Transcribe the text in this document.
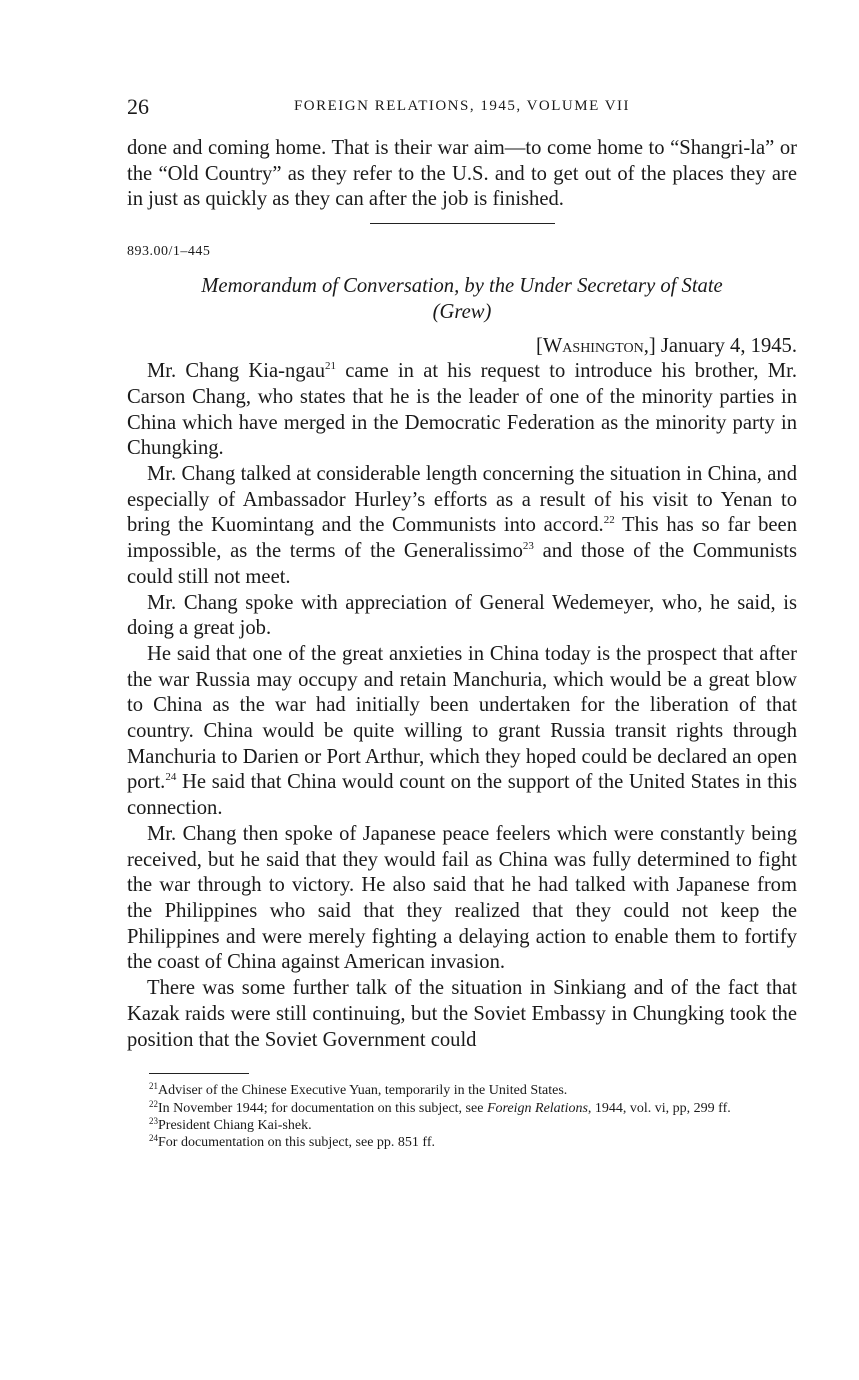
26	FOREIGN RELATIONS, 1945, VOLUME VII

done and coming home. That is their war aim—to come home to “Shangri-la” or the “Old Country” as they refer to the U.S. and to get out of the places they are in just as quickly as they can after the job is finished.

893.00/1–445
Memorandum of Conversation, by the Under Secretary of State
(Grew)
[Washington,] January 4, 1945.

Mr. Chang Kia-ngau$^{21}$ came in at his request to introduce his brother, Mr. Carson Chang, who states that he is the leader of one of the minority parties in China which have merged in the Democratic Federation as the minority party in Chungking.

Mr. Chang talked at considerable length concerning the situation in China, and especially of Ambassador Hurley’s efforts as a result of his visit to Yenan to bring the Kuomintang and the Communists into accord.$^{22}$ This has so far been impossible, as the terms of the Generalissimo$^{23}$ and those of the Communists could still not meet.

Mr. Chang spoke with appreciation of General Wedemeyer, who, he said, is doing a great job.

He said that one of the great anxieties in China today is the prospect that after the war Russia may occupy and retain Manchuria, which would be a great blow to China as the war had initially been undertaken for the liberation of that country. China would be quite willing to grant Russia transit rights through Manchuria to Darien or Port Arthur, which they hoped could be declared an open port.$^{24}$ He said that China would count on the support of the United States in this connection.

Mr. Chang then spoke of Japanese peace feelers which were constantly being received, but he said that they would fail as China was fully determined to fight the war through to victory. He also said that he had talked with Japanese from the Philippines who said that they realized that they could not keep the Philippines and were merely fighting a delaying action to enable them to fortify the coast of China against American invasion.

There was some further talk of the situation in Sinkiang and of the fact that Kazak raids were still continuing, but the Soviet Embassy in Chungking took the position that the Soviet Government could

$^{21}$Adviser of the Chinese Executive Yuan, temporarily in the United States.

$^{22}$In November 1944; for documentation on this subject, see Foreign Relations, 1944, vol. vi, pp, 299 ff.

$^{23}$President Chiang Kai-shek.

$^{24}$For documentation on this subject, see pp. 851 ff.
